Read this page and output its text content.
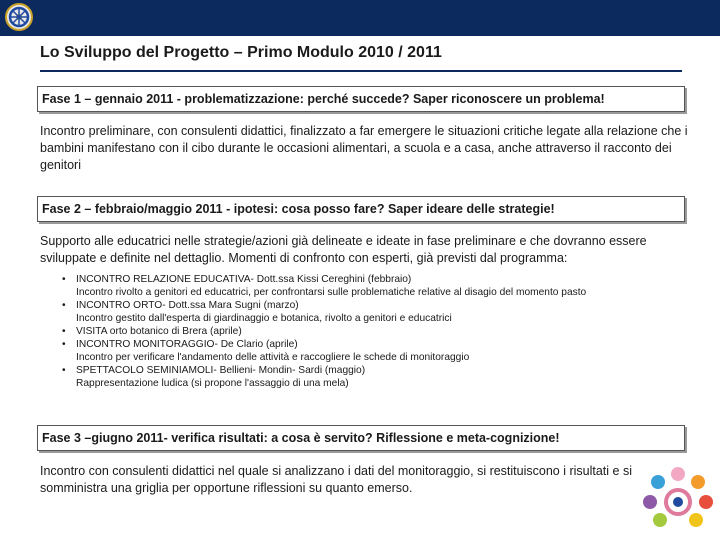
Lo Sviluppo del Progetto – Primo Modulo 2010 / 2011
Fase 1 – gennaio 2011 - problematizzazione: perché succede? Saper riconoscere un problema!
Incontro preliminare, con consulenti didattici, finalizzato a far emergere le situazioni critiche legate alla relazione che i bambini manifestano con il cibo durante le occasioni alimentari, a scuola e a casa, anche attraverso il racconto dei genitori
Fase 2 – febbraio/maggio 2011 - ipotesi: cosa posso fare? Saper ideare delle strategie!
Supporto alle educatrici nelle strategie/azioni già delineate e ideate in fase preliminare e che dovranno essere sviluppate e definite nel dettaglio. Momenti di confronto con esperti, già previsti dal programma:
• INCONTRO RELAZIONE EDUCATIVA- Dott.ssa Kissi Cereghini (febbraio)
Incontro rivolto a genitori ed educatrici, per confrontarsi sulle problematiche relative al disagio del momento pasto
• INCONTRO ORTO- Dott.ssa Mara Sugni (marzo)
Incontro gestito dall'esperta di giardinaggio e botanica, rivolto a genitori e educatrici
• VISITA orto botanico di Brera (aprile)
• INCONTRO MONITORAGGIO- De Clario (aprile)
Incontro per verificare l'andamento delle attività e raccogliere le schede di monitoraggio
• SPETTACOLO SEMINIAMOLI- Bellieni- Mondin- Sardi (maggio)
Rappresentazione ludica (si propone l'assaggio di una mela)
Fase 3 –giugno 2011- verifica risultati: a cosa è servito? Riflessione e meta-cognizione!
Incontro con consulenti didattici nel quale si analizzano i dati del monitoraggio, si restituiscono i risultati e si somministra una griglia per opportune riflessioni su quanto emerso.
